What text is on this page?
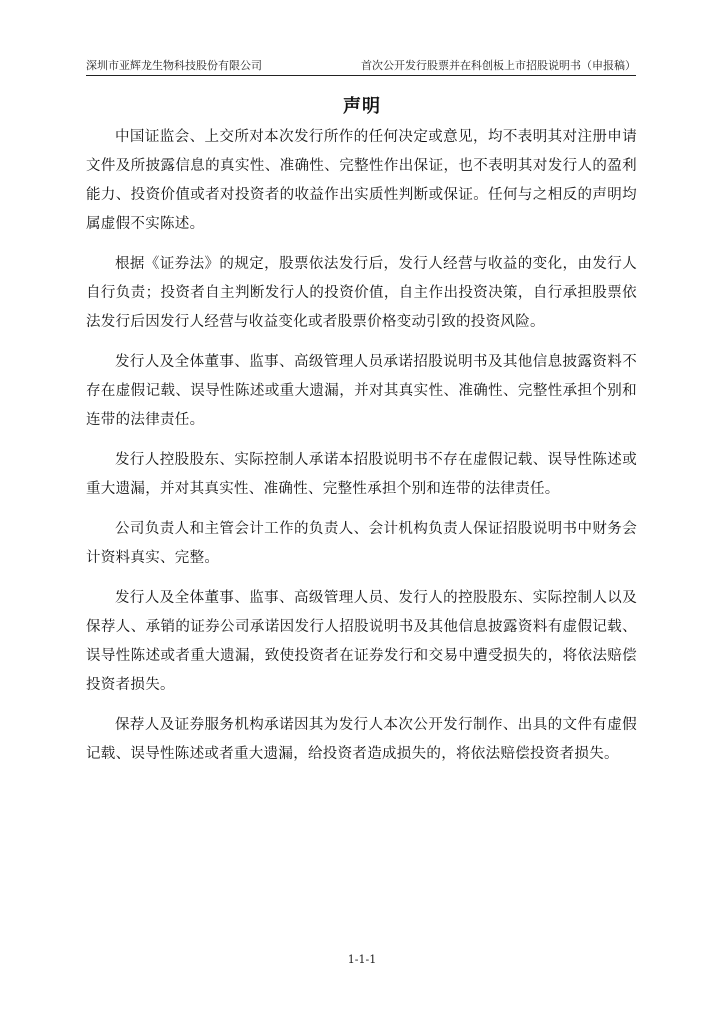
深圳市亚辉龙生物科技股份有限公司	首次公开发行股票并在科创板上市招股说明书（申报稿）
声明

中国证监会、上交所对本次发行所作的任何决定或意见，均不表明其对注册申请文件及所披露信息的真实性、准确性、完整性作出保证，也不表明其对发行人的盈利能力、投资价值或者对投资者的收益作出实质性判断或保证。任何与之相反的声明均属虚假不实陈述。

根据《证券法》的规定，股票依法发行后，发行人经营与收益的变化，由发行人自行负责；投资者自主判断发行人的投资价值，自主作出投资决策，自行承担股票依法发行后因发行人经营与收益变化或者股票价格变动引致的投资风险。

发行人及全体董事、监事、高级管理人员承诺招股说明书及其他信息披露资料不存在虚假记载、误导性陈述或重大遗漏，并对其真实性、准确性、完整性承担个别和连带的法律责任。

发行人控股股东、实际控制人承诺本招股说明书不存在虚假记载、误导性陈述或重大遗漏，并对其真实性、准确性、完整性承担个别和连带的法律责任。

公司负责人和主管会计工作的负责人、会计机构负责人保证招股说明书中财务会计资料真实、完整。

发行人及全体董事、监事、高级管理人员、发行人的控股股东、实际控制人以及保荐人、承销的证券公司承诺因发行人招股说明书及其他信息披露资料有虚假记载、误导性陈述或者重大遗漏，致使投资者在证券发行和交易中遭受损失的，将依法赔偿投资者损失。

保荐人及证券服务机构承诺因其为发行人本次公开发行制作、出具的文件有虚假记载、误导性陈述或者重大遗漏，给投资者造成损失的，将依法赔偿投资者损失。

1-1-1
